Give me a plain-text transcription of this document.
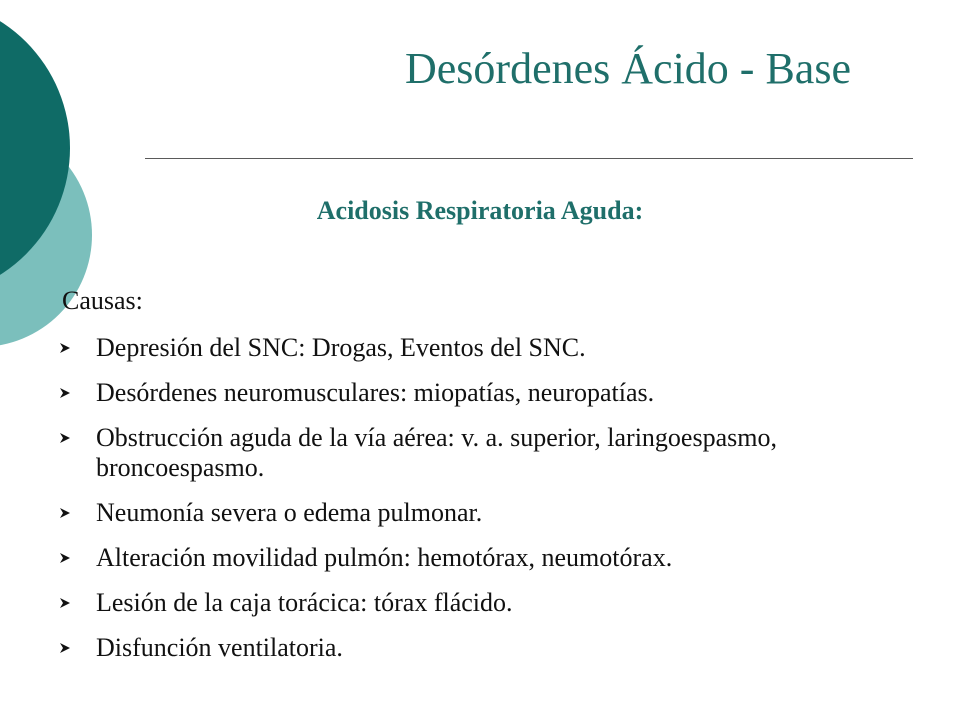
Desórdenes Ácido - Base
Acidosis Respiratoria Aguda:

Causas:

Depresión del SNC: Drogas, Eventos del SNC.
Desórdenes neuromusculares: miopatías, neuropatías.
Obstrucción aguda de la vía aérea: v. a. superior, laringoespasmo, broncoespasmo.
Neumonía severa o edema pulmonar.
Alteración movilidad pulmón: hemotórax, neumotórax.
Lesión de la caja torácica: tórax flácido.
Disfunción ventilatoria.
